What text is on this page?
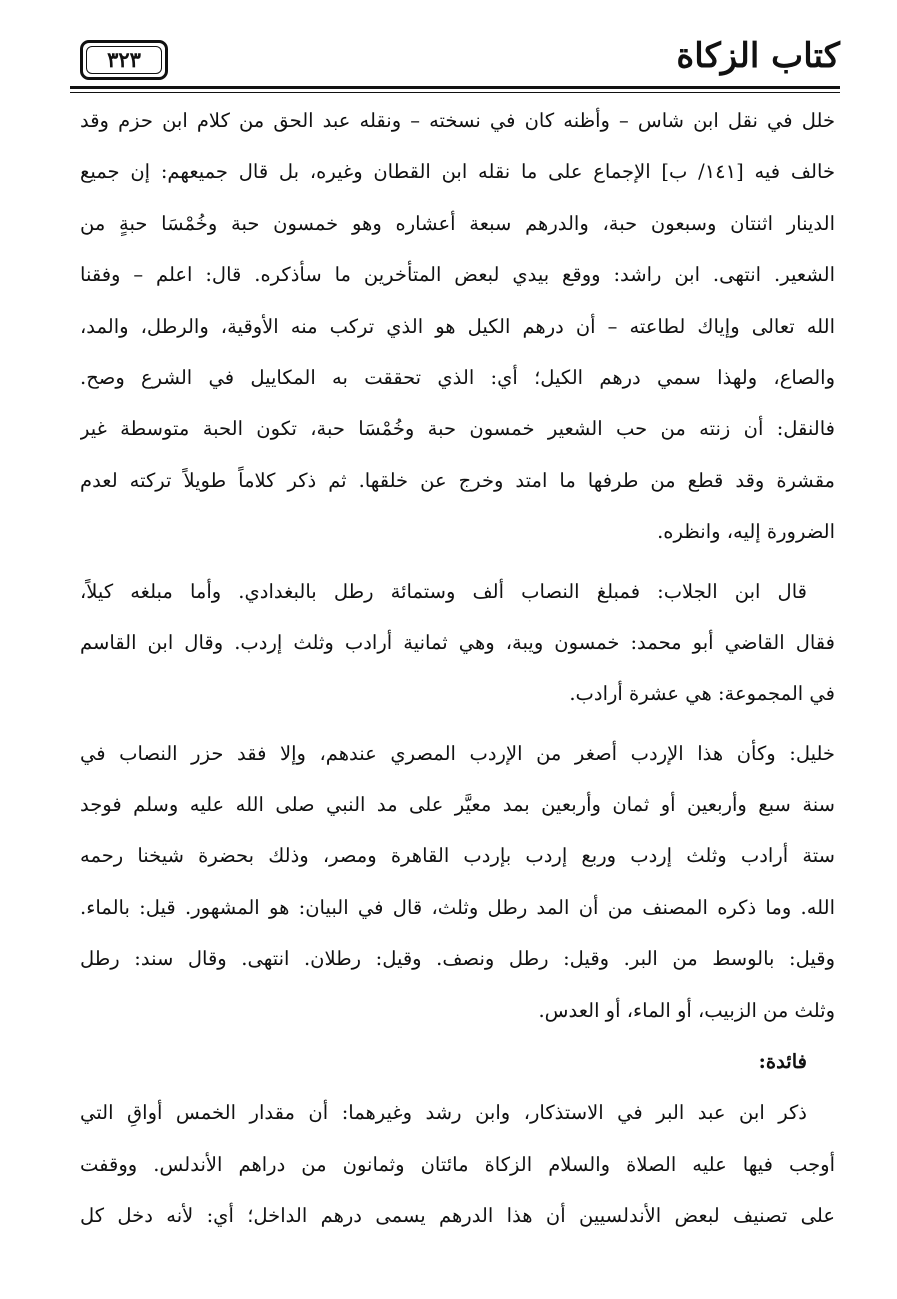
كتاب الزكاة
٣٢٣
خلل في نقل ابن شاس – وأظنه كان في نسخته – ونقله عبد الحق من كلام ابن حزم وقد
خالف فيه [١٤١/ ب] الإجماع على ما نقله ابن القطان وغيره، بل قال جميعهم: إن جميع
الدينار اثنتان وسبعون حبة، والدرهم سبعة أعشاره وهو خمسون حبة وخُمْسَا حبةٍ من
الشعير. انتهى. ابن راشد: ووقع بيدي لبعض المتأخرين ما سأذكره. قال: اعلم – وفقنا
الله تعالى وإياك لطاعته – أن درهم الكيل هو الذي تركب منه الأوقية، والرطل، والمد،
والصاع، ولهذا سمي درهم الكيل؛ أي: الذي تحققت به المكاييل في الشرع وصح.
فالنقل: أن زنته من حب الشعير خمسون حبة وخُمْسَا حبة، تكون الحبة متوسطة غير
مقشرة وقد قطع من طرفها ما امتد وخرج عن خلقها. ثم ذكر كلاماً طويلاً تركته لعدم
الضرورة إليه، وانظره.
قال ابن الجلاب: فمبلغ النصاب ألف وستمائة رطل بالبغدادي. وأما مبلغه كيلاً،
فقال القاضي أبو محمد: خمسون ويبة، وهي ثمانية أرادب وثلث إردب. وقال ابن القاسم
في المجموعة: هي عشرة أرادب.
خليل: وكأن هذا الإردب أصغر من الإردب المصري عندهم، وإلا فقد حزر النصاب في
سنة سبع وأربعين أو ثمان وأربعين بمد معيَّر على مد النبي صلى الله عليه وسلم فوجد
ستة أرادب وثلث إردب وربع إردب بإردب القاهرة ومصر، وذلك بحضرة شيخنا رحمه
الله. وما ذكره المصنف من أن المد رطل وثلث، قال في البيان: هو المشهور. قيل: بالماء.
وقيل: بالوسط من البر. وقيل: رطل ونصف. وقيل: رطلان. انتهى. وقال سند: رطل
وثلث من الزبيب، أو الماء، أو العدس.
فائدة:
ذكر ابن عبد البر في الاستذكار، وابن رشد وغيرهما: أن مقدار الخمس أواقِ التي
أوجب فيها عليه الصلاة والسلام الزكاة مائتان وثمانون من دراهم الأندلس. ووقفت
على تصنيف لبعض الأندلسيين أن هذا الدرهم يسمى درهم الداخل؛ أي: لأنه دخل كل
